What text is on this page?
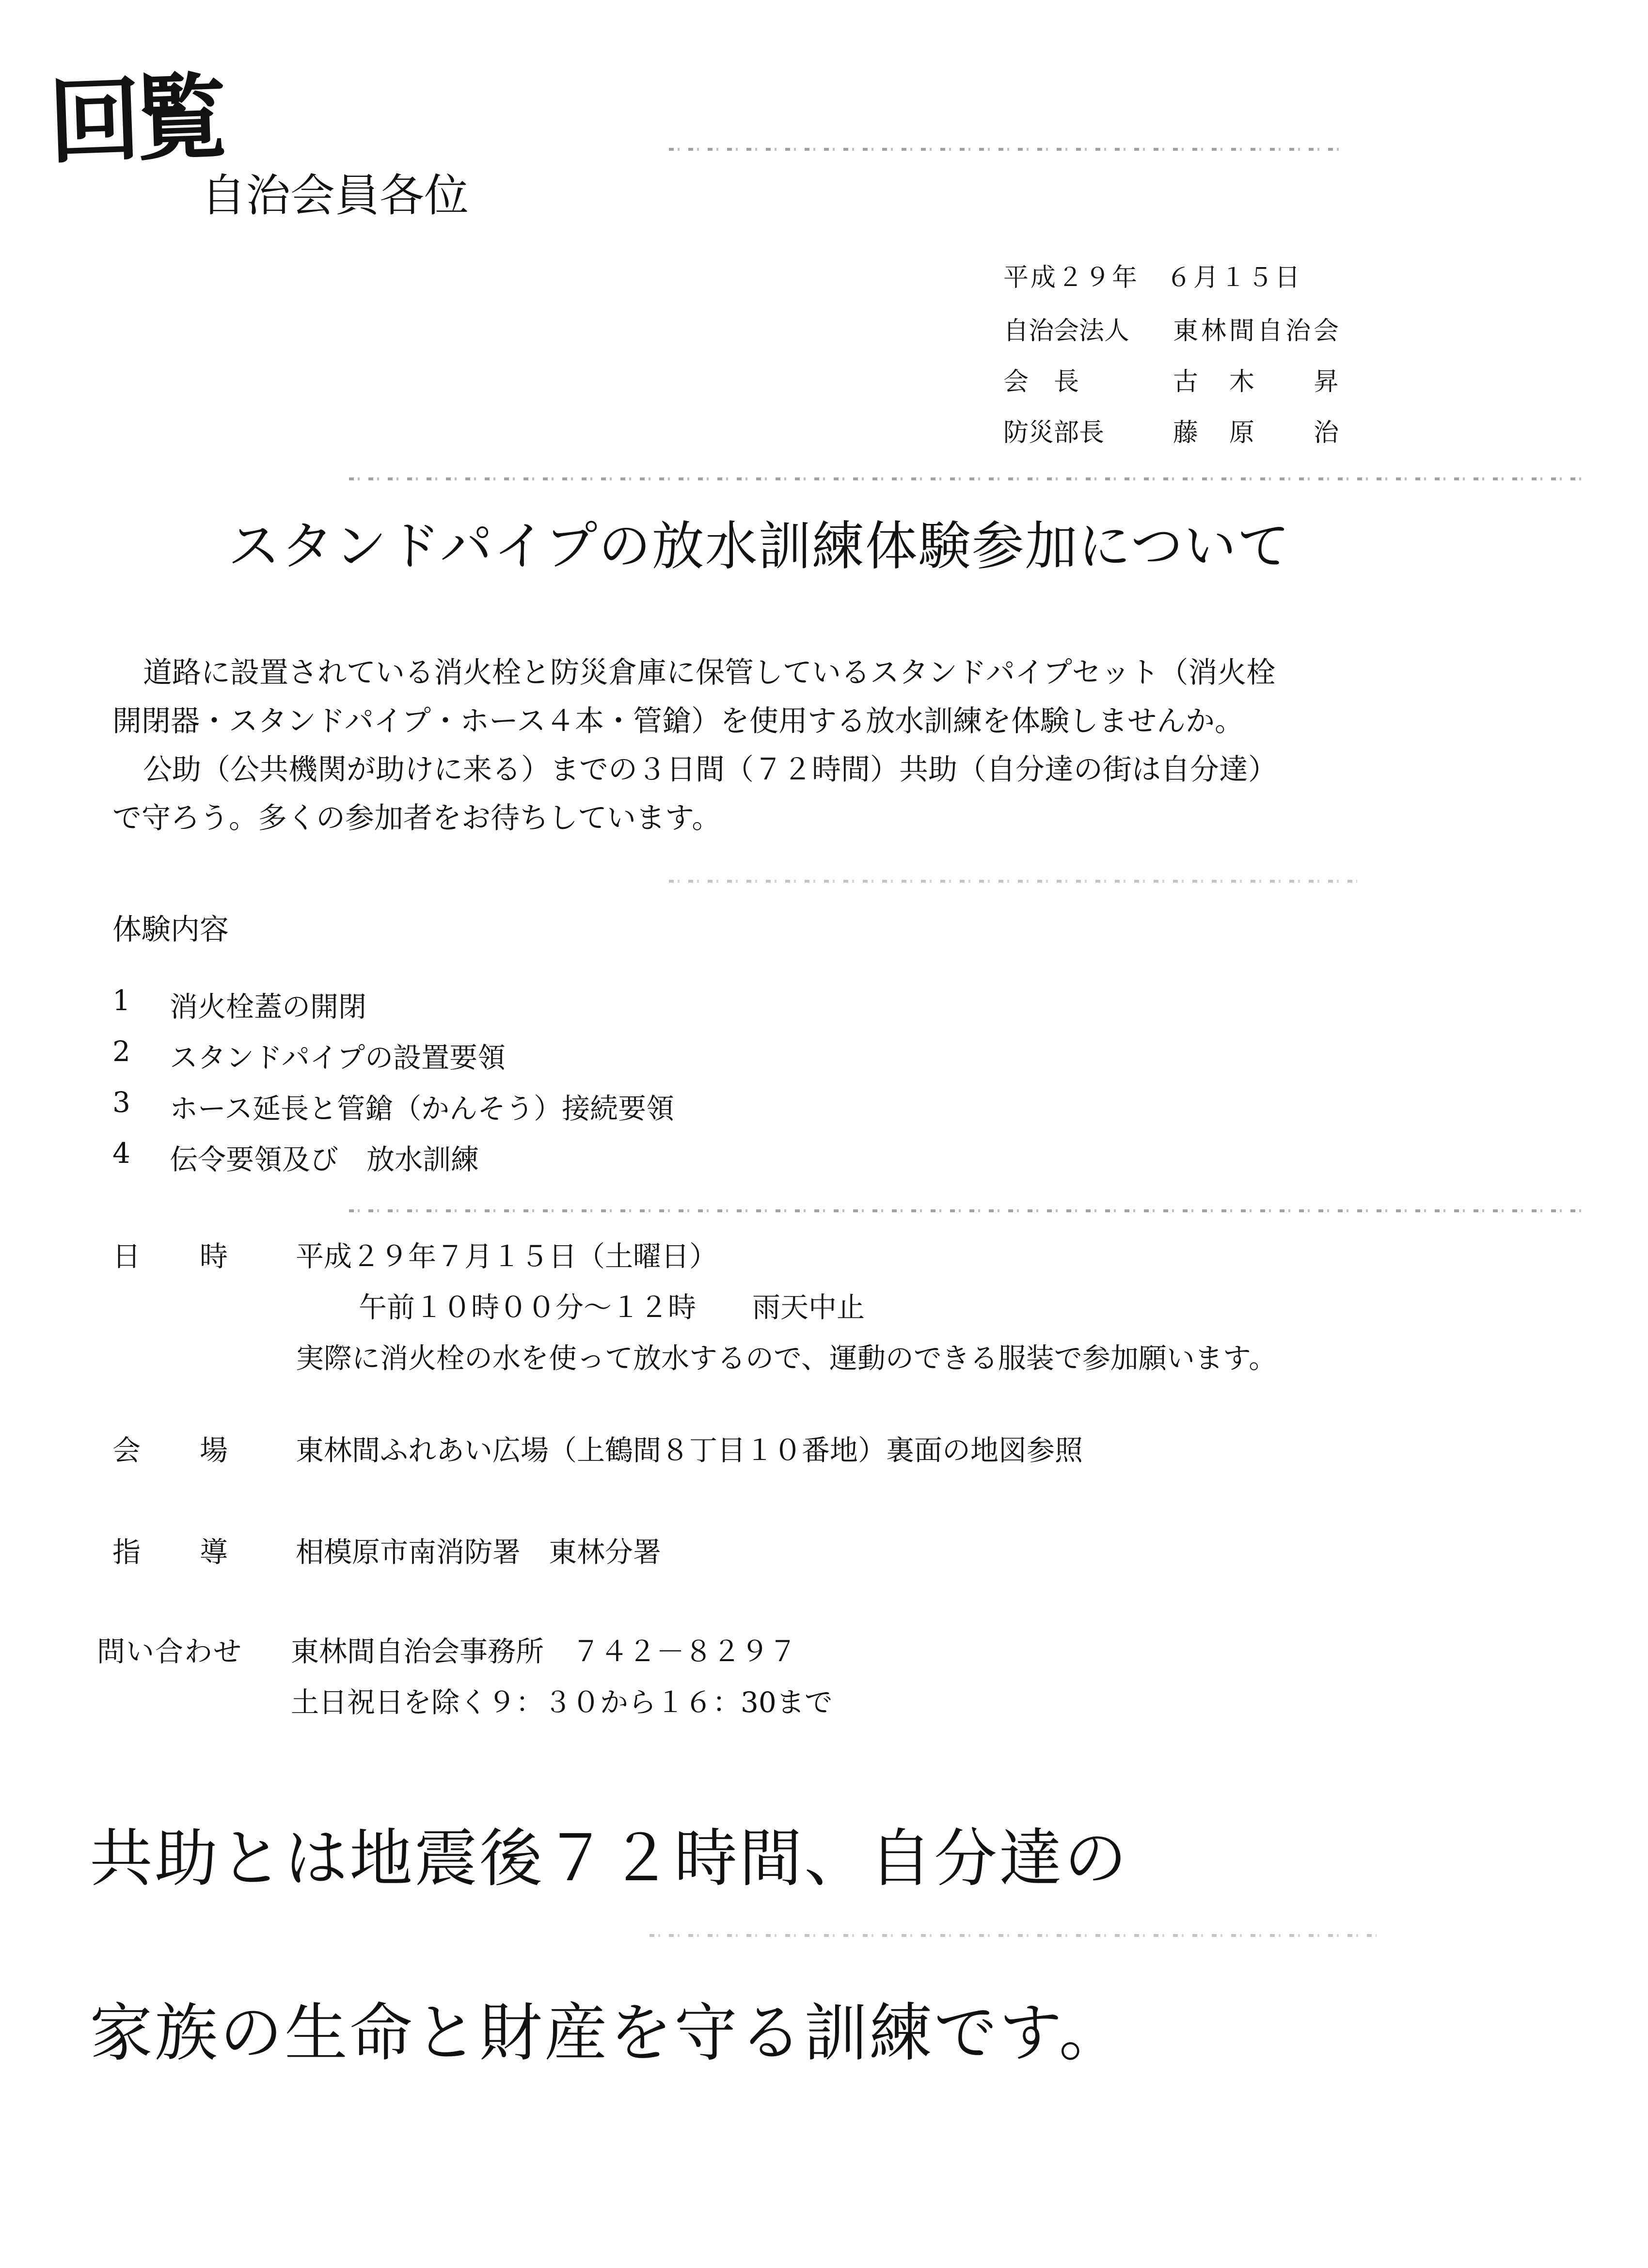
回覧
自治会員各位
平成２９年　６月１５日
自治会法人 東林間自治会
会　長	古　木　　昇
防災部長	藤　原　　治
スタンドパイプの放水訓練体験参加について
道路に設置されている消火栓と防災倉庫に保管しているスタンドパイプセット（消火栓
開閉器・スタンドパイプ・ホース４本・管鎗）を使用する放水訓練を体験しませんか。
公助（公共機関が助けに来る）までの３日間（７２時間）共助（自分達の街は自分達）
で守ろう。多くの参加者をお待ちしています。
体験内容
1 消火栓蓋の開閉
2 スタンドパイプの設置要領
3 ホース延長と管鎗（かんそう）接続要領
4 伝令要領及び　放水訓練
日　　時 平成２９年７月１５日（土曜日）
午前１０時００分～１２時　　雨天中止
実際に消火栓の水を使って放水するので、運動のできる服装で参加願います。
会　　場 東林間ふれあい広場（上鶴間８丁目１０番地）裏面の地図参照
指　　導 相模原市南消防署　東林分署
問い合わせ 東林間自治会事務所　７４２－８２９７
土日祝日を除く９：３０から１６：30まで
共助とは地震後７２時間、自分達の
家族の生命と財産を守る訓練です。
